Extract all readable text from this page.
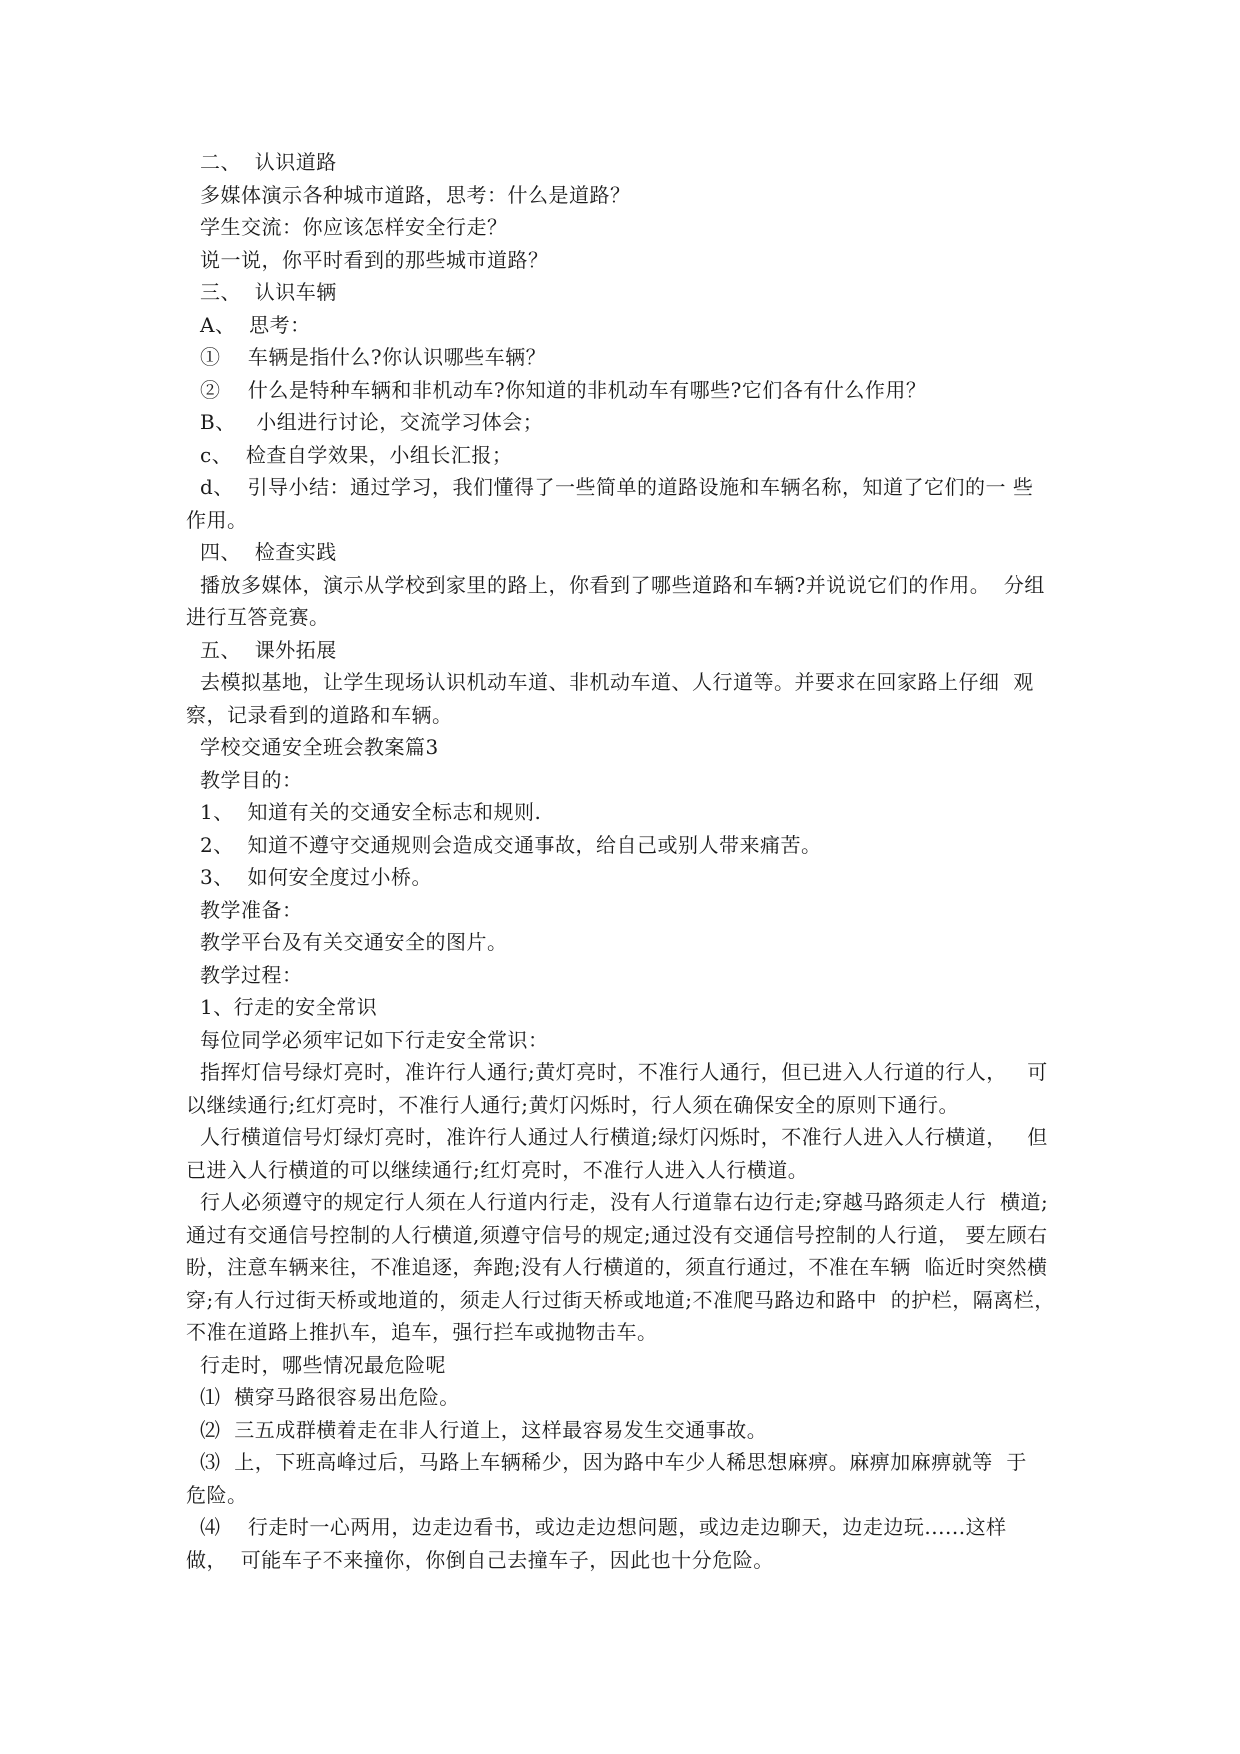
二、  认识道路

多媒体演示各种城市道路，思考：什么是道路？

学生交流：你应该怎样安全行走？

说一说，你平时看到的那些城市道路？

三、  认识车辆

A、  思考：

①    车辆是指什么?你认识哪些车辆？

②    什么是特种车辆和非机动车?你知道的非机动车有哪些?它们各有什么作用？

B、   小组进行讨论，交流学习体会；

c、  检查自学效果，小组长汇报；

d、  引导小结：通过学习，我们懂得了一些简单的道路设施和车辆名称，知道了它们的一 些

作用。

四、  检查实践

播放多媒体，演示从学校到家里的路上，你看到了哪些道路和车辆?并说说它们的作用。  分组

进行互答竞赛。

五、  课外拓展

去模拟基地，让学生现场认识机动车道、非机动车道、人行道等。并要求在回家路上仔细  观

察，记录看到的道路和车辆。

学校交通安全班会教案篇3

教学目的：

1、  知道有关的交通安全标志和规则.

2、  知道不遵守交通规则会造成交通事故，给自己或别人带来痛苦。

3、  如何安全度过小桥。

教学准备：

教学平台及有关交通安全的图片。

教学过程：

1、行走的安全常识

每位同学必须牢记如下行走安全常识：

指挥灯信号绿灯亮时，准许行人通行;黄灯亮时，不准行人通行，但已进入人行道的行人，   可

以继续通行;红灯亮时，不准行人通行;黄灯闪烁时，行人须在确保安全的原则下通行。

人行横道信号灯绿灯亮时，准许行人通过人行横道;绿灯闪烁时，不准行人进入人行横道，   但

已进入人行横道的可以继续通行;红灯亮时，不准行人进入人行横道。

行人必须遵守的规定行人须在人行道内行走，没有人行道靠右边行走;穿越马路须走人行  横道;

通过有交通信号控制的人行横道,须遵守信号的规定;通过没有交通信号控制的人行道， 要左顾右

盼，注意车辆来往，不准追逐，奔跑;没有人行横道的，须直行通过，不准在车辆  临近时突然横

穿;有人行过街天桥或地道的，须走人行过街天桥或地道;不准爬马路边和路中  的护栏，隔离栏，

不准在道路上推扒车，追车，强行拦车或抛物击车。

行走时，哪些情况最危险呢

⑴  横穿马路很容易出危险。

⑵  三五成群横着走在非人行道上，这样最容易发生交通事故。

⑶  上，下班高峰过后，马路上车辆稀少，因为路中车少人稀思想麻痹。麻痹加麻痹就等  于

危险。

⑷    行走时一心两用，边走边看书，或边走边想问题，或边走边聊天，边走边玩......这样

做，  可能车子不来撞你，你倒自己去撞车子，因此也十分危险。
